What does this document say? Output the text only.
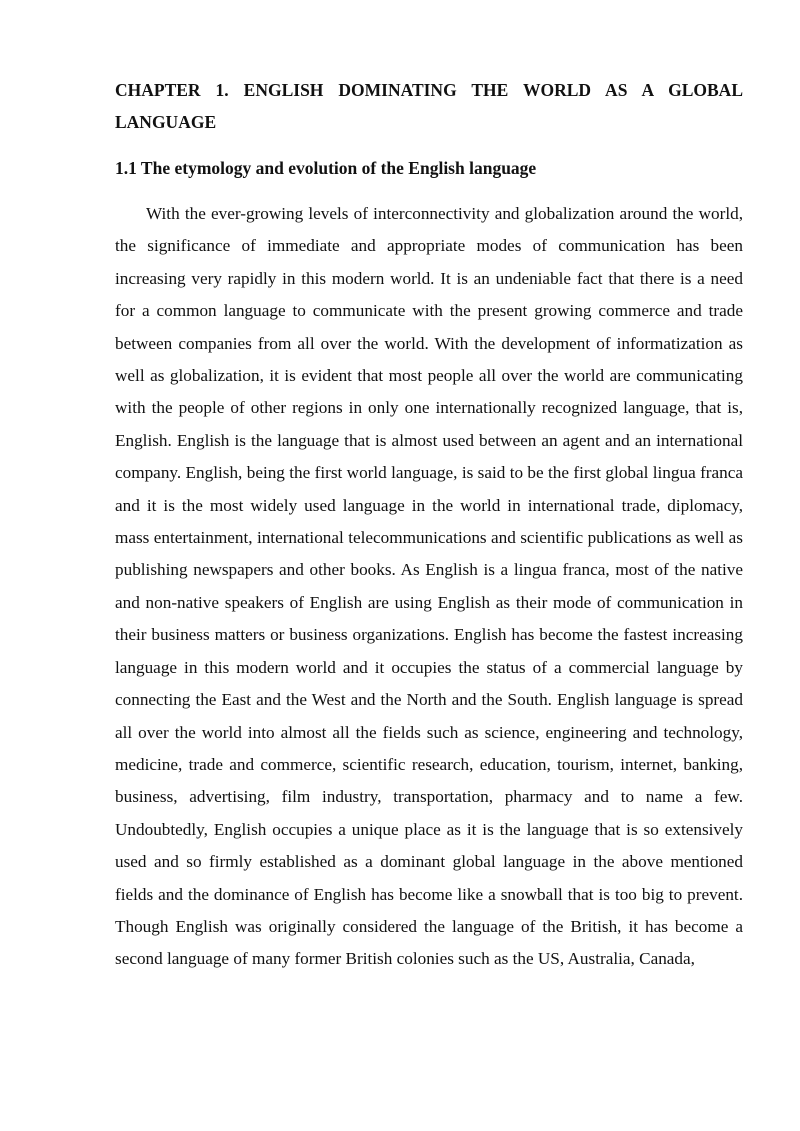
CHAPTER 1. ENGLISH DOMINATING THE WORLD AS A GLOBAL LANGUAGE
1.1 The etymology and evolution of the English language

With the ever-growing levels of interconnectivity and globalization around the world, the significance of immediate and appropriate modes of communication has been increasing very rapidly in this modern world. It is an undeniable fact that there is a need for a common language to communicate with the present growing commerce and trade between companies from all over the world. With the development of informatization as well as globalization, it is evident that most people all over the world are communicating with the people of other regions in only one internationally recognized language, that is, English. English is the language that is almost used between an agent and an international company. English, being the first world language, is said to be the first global lingua franca and it is the most widely used language in the world in international trade, diplomacy, mass entertainment, international telecommunications and scientific publications as well as publishing newspapers and other books. As English is a lingua franca, most of the native and non-native speakers of English are using English as their mode of communication in their business matters or business organizations. English has become the fastest increasing language in this modern world and it occupies the status of a commercial language by connecting the East and the West and the North and the South. English language is spread all over the world into almost all the fields such as science, engineering and technology, medicine, trade and commerce, scientific research, education, tourism, internet, banking, business, advertising, film industry, transportation, pharmacy and to name a few. Undoubtedly, English occupies a unique place as it is the language that is so extensively used and so firmly established as a dominant global language in the above mentioned fields and the dominance of English has become like a snowball that is too big to prevent. Though English was originally considered the language of the British, it has become a second language of many former British colonies such as the US, Australia, Canada,
